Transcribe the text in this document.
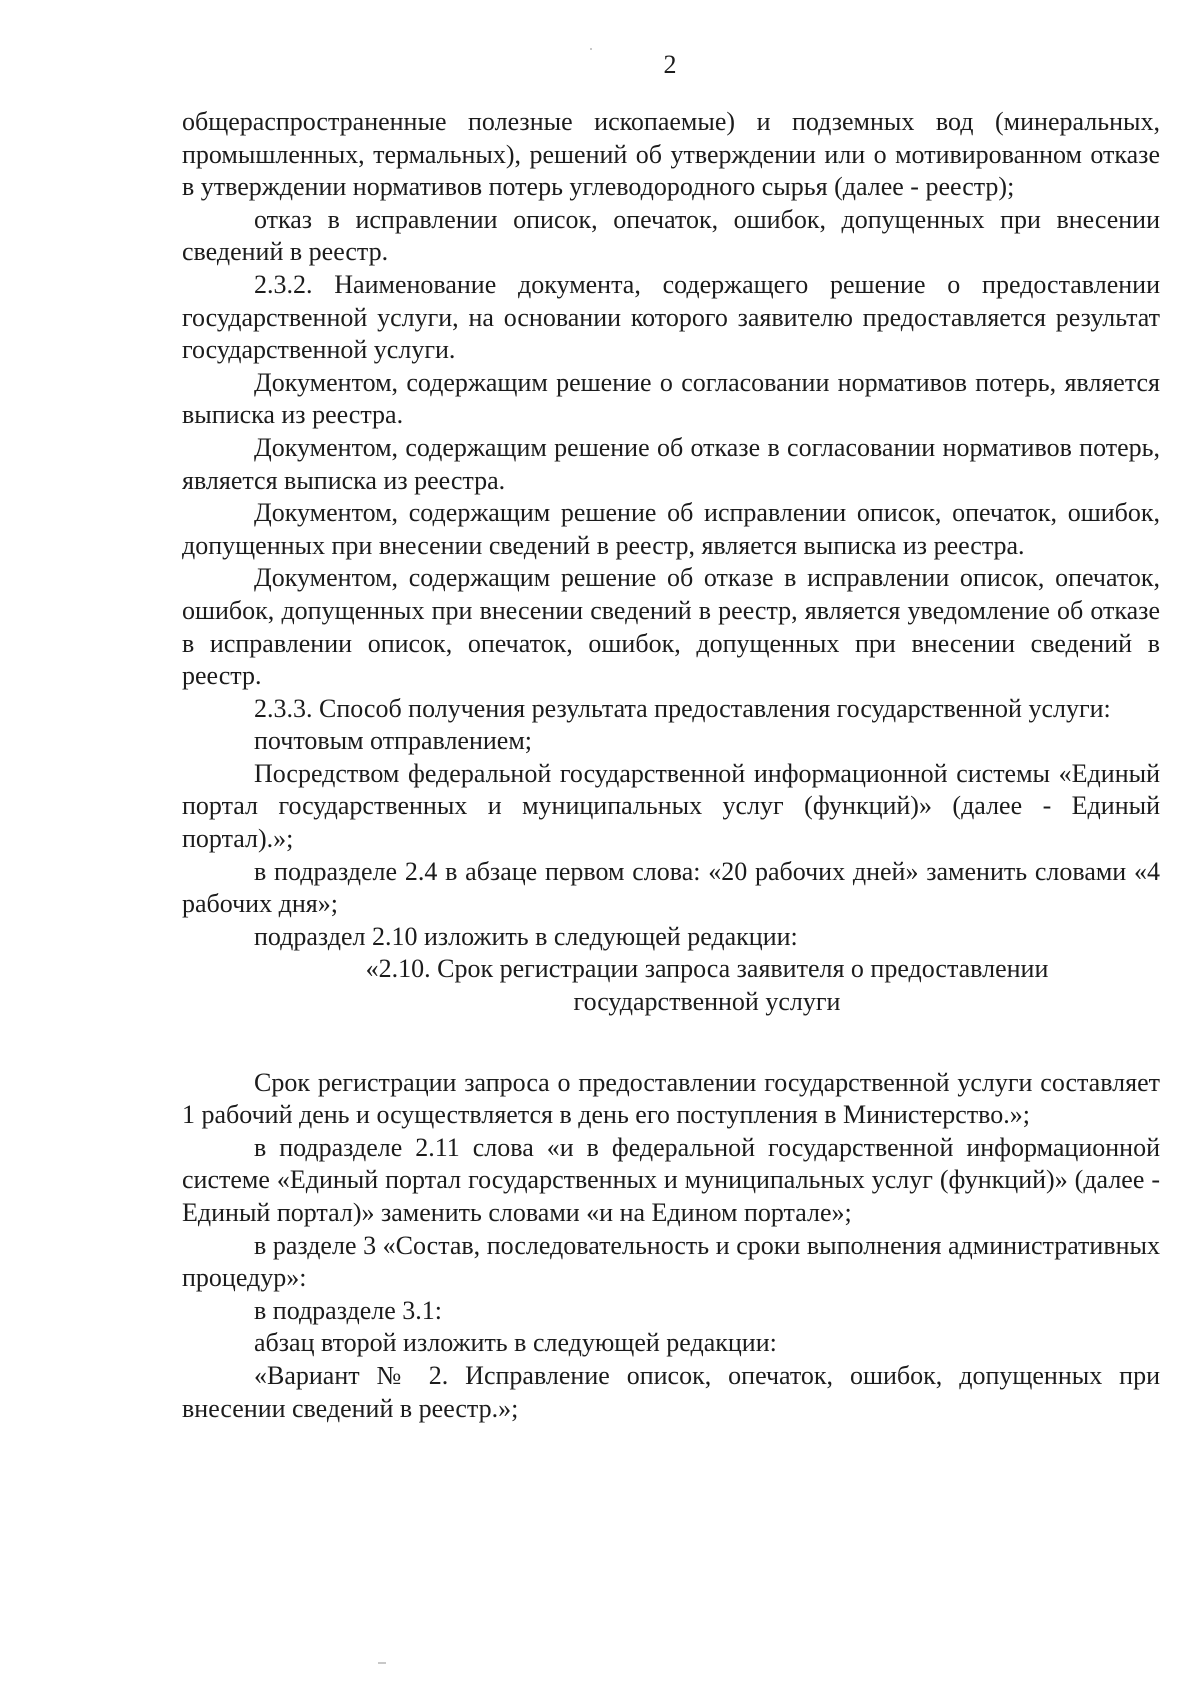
2

общераспространенные полезные ископаемые) и подземных вод (минеральных, промышленных, термальных), решений об утверждении или о мотивированном отказе в утверждении нормативов потерь углеводородного сырья (далее - реестр);

отказ в исправлении описок, опечаток, ошибок, допущенных при внесении сведений в реестр.

2.3.2. Наименование документа, содержащего решение о предоставлении государственной услуги, на основании которого заявителю предоставляется результат государственной услуги.

Документом, содержащим решение о согласовании нормативов потерь, является выписка из реестра.

Документом, содержащим решение об отказе в согласовании нормативов потерь, является выписка из реестра.

Документом, содержащим решение об исправлении описок, опечаток, ошибок, допущенных при внесении сведений в реестр, является выписка из реестра.

Документом, содержащим решение об отказе в исправлении описок, опечаток, ошибок, допущенных при внесении сведений в реестр, является уведомление об отказе в исправлении описок, опечаток, ошибок, допущенных при внесении сведений в реестр.

2.3.3. Способ получения результата предоставления государственной услуги:

почтовым отправлением;

Посредством федеральной государственной информационной системы «Единый портал государственных и муниципальных услуг (функций)» (далее - Единый портал).»;

в подразделе 2.4 в абзаце первом слова: «20 рабочих дней» заменить словами «4 рабочих дня»;

подраздел 2.10 изложить в следующей редакции:

«2.10. Срок регистрации запроса заявителя о предоставлении

государственной услуги

Срок регистрации запроса о предоставлении государственной услуги составляет 1 рабочий день и осуществляется в день его поступления в Министерство.»;

в подразделе 2.11 слова «и в федеральной государственной информационной системе «Единый портал государственных и муниципальных услуг (функций)» (далее - Единый портал)» заменить словами «и на Едином портале»;

в разделе 3 «Состав, последовательность и сроки выполнения административных процедур»:

в подразделе 3.1:

абзац второй изложить в следующей редакции:

«Вариант № 2. Исправление описок, опечаток, ошибок, допущенных при внесении сведений в реестр.»;
